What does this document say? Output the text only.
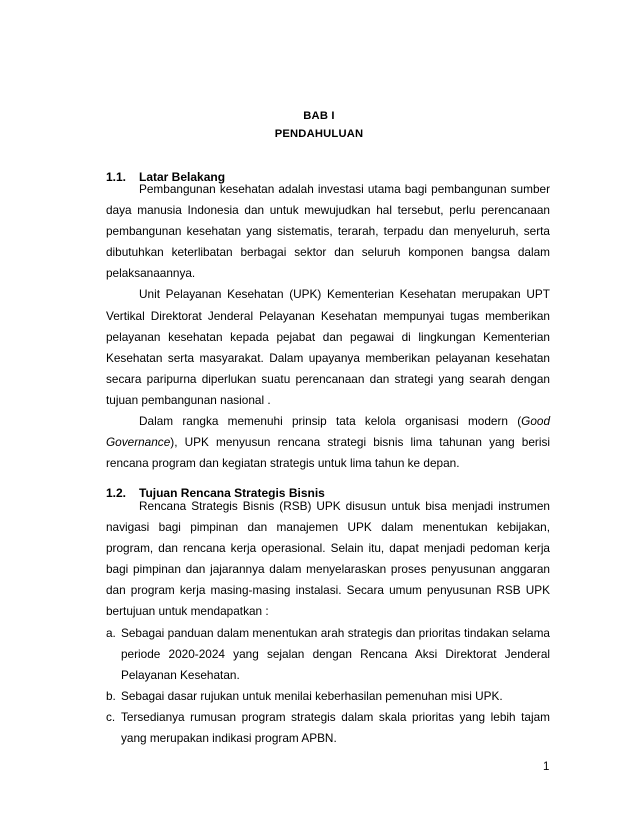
BAB I
PENDAHULUAN
1.1. Latar Belakang

Pembangunan kesehatan adalah investasi utama bagi pembangunan sumber daya manusia Indonesia dan untuk mewujudkan hal tersebut, perlu perencanaan pembangunan kesehatan yang sistematis, terarah, terpadu dan menyeluruh, serta dibutuhkan keterlibatan berbagai sektor dan seluruh komponen bangsa dalam pelaksanaannya.

Unit Pelayanan Kesehatan (UPK) Kementerian Kesehatan merupakan UPT Vertikal Direktorat Jenderal Pelayanan Kesehatan mempunyai tugas memberikan pelayanan kesehatan kepada pejabat dan pegawai di lingkungan Kementerian Kesehatan serta masyarakat. Dalam upayanya memberikan pelayanan kesehatan secara paripurna diperlukan suatu perencanaan dan strategi yang searah dengan tujuan pembangunan nasional .

Dalam rangka memenuhi prinsip tata kelola organisasi modern (Good Governance), UPK menyusun rencana strategi bisnis lima tahunan yang berisi rencana program dan kegiatan strategis untuk lima tahun ke depan.

1.2. Tujuan Rencana Strategis Bisnis

Rencana Strategis Bisnis (RSB) UPK disusun untuk bisa menjadi instrumen navigasi bagi pimpinan dan manajemen UPK dalam menentukan kebijakan, program, dan rencana kerja operasional. Selain itu, dapat menjadi pedoman kerja bagi pimpinan dan jajarannya dalam menyelaraskan proses penyusunan anggaran dan program kerja masing-masing instalasi. Secara umum penyusunan RSB UPK bertujuan untuk mendapatkan :

a. Sebagai panduan dalam menentukan arah strategis dan prioritas tindakan selama periode 2020-2024 yang sejalan dengan Rencana Aksi Direktorat Jenderal Pelayanan Kesehatan.
b. Sebagai dasar rujukan untuk menilai keberhasilan pemenuhan misi UPK.
c. Tersedianya rumusan program strategis dalam skala prioritas yang lebih tajam yang merupakan indikasi program APBN.
1
